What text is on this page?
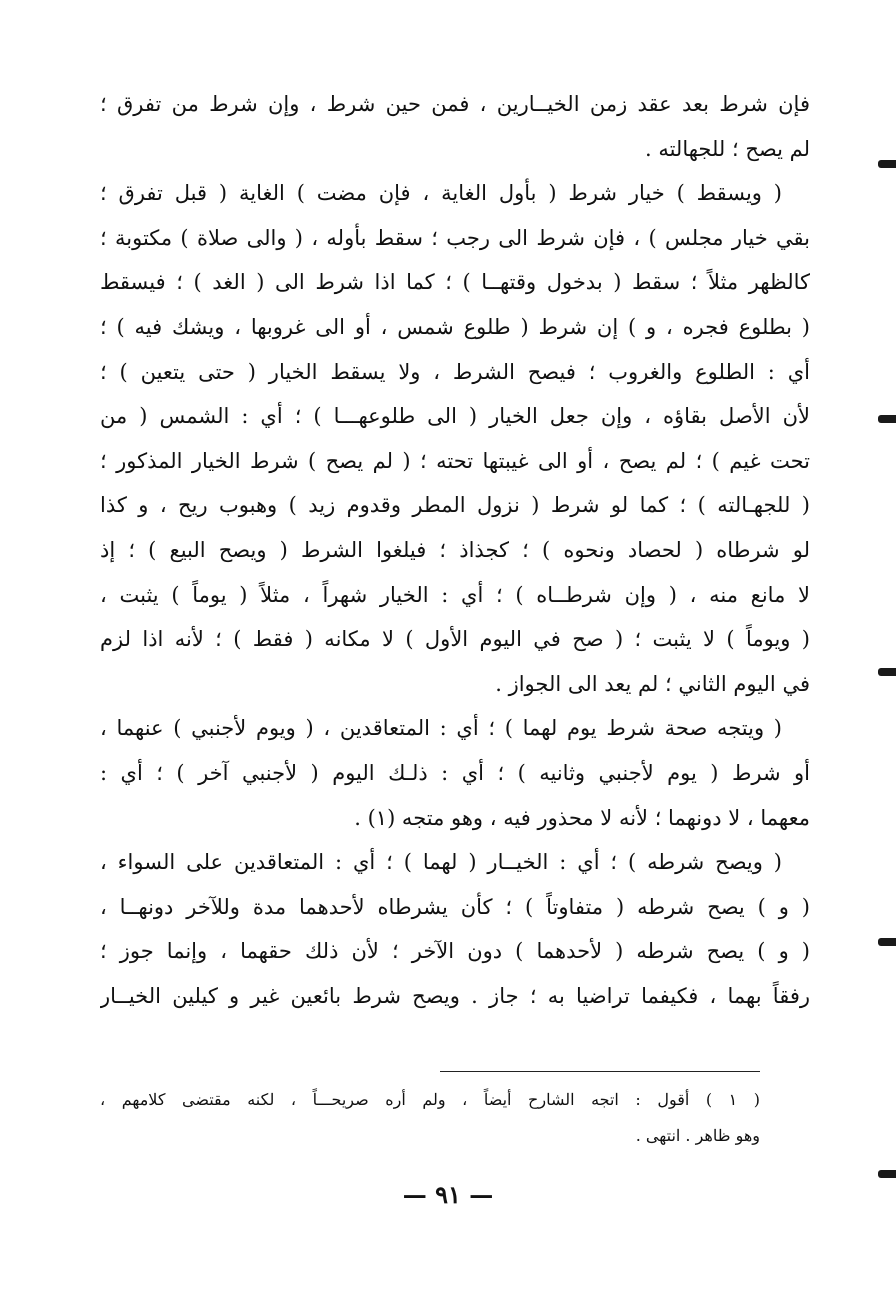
فإن شرط بعد عقد زمن الخيــارين ، فمن حين شرط ، وإن شرط من تفرق ؛
لم يصح ؛ للجهالته .
( ويسقط ) خيار شرط ( بأول الغاية ، فإن مضت ) الغاية ( قبل تفرق ؛
بقي خيار مجلس ) ، فإن شرط الى رجب ؛ سقط بأوله ، ( والى صلاة ) مكتوبة ؛
كالظهر مثلاً ؛ سقط ( بدخول وقتهــا ) ؛ كما اذا شرط الى ( الغد ) ؛ فيسقط
( بطلوع فجره ، و ) إن شرط ( طلوع شمس ، أو الى غروبها ، ويشك فيه ) ؛
أي : الطلوع والغروب ؛ فيصح الشرط ، ولا يسقط الخيار ( حتى يتعين ) ؛
لأن الأصل بقاؤه ، وإن جعل الخيار ( الى طلوعهـــا ) ؛ أي : الشمس ( من
تحت غيم ) ؛ لم يصح ، أو الى غيبتها تحته ؛ ( لم يصح ) شرط الخيار المذكور ؛
( للجهـالته ) ؛ كما لو شرط ( نزول المطر وقدوم زيد ) وهبوب ريح ، و كذا
لو شرطاه ( لحصاد ونحوه ) ؛ كجذاذ ؛ فيلغوا الشرط ( ويصح البيع ) ؛ إذ
لا مانع منه ، ( وإن شرطــاه ) ؛ أي : الخيار شهراً ، مثلاً ( يوماً ) يثبت ،
( ويوماً ) لا يثبت ؛ ( صح في اليوم الأول ) لا مكانه ( فقط ) ؛ لأنه اذا لزم
في اليوم الثاني ؛ لم يعد الى الجواز .
( ويتجه صحة شرط يوم لهما ) ؛ أي : المتعاقدين ، ( ويوم لأجنبي ) عنهما ،
أو شرط ( يوم لأجنبي وثانيه ) ؛ أي : ذلـك اليوم ( لأجنبي آخر ) ؛ أي :
معهما ، لا دونهما ؛ لأنه لا محذور فيه ، وهو متجه (١) .
( ويصح شرطه ) ؛ أي : الخيــار ( لهما ) ؛ أي : المتعاقدين على السواء ،
( و ) يصح شرطه ( متفاوتاً ) ؛ كأن يشرطاه لأحدهما مدة وللآخر دونهــا ،
( و ) يصح شرطه ( لأحدهما ) دون الآخر ؛ لأن ذلك حقهما ، وإنما جوز ؛
رفقاً بهما ، فكيفما تراضيا به ؛ جاز . ويصح شرط بائعين غير و كيلين الخيــار
( ١ ) أقول : اتجه الشارح أيضاً ، ولم أره صريحـــاً ، لكنه مقتضى كلامهم ،
وهو ظاهر . انتهى .
— ٩١ —
